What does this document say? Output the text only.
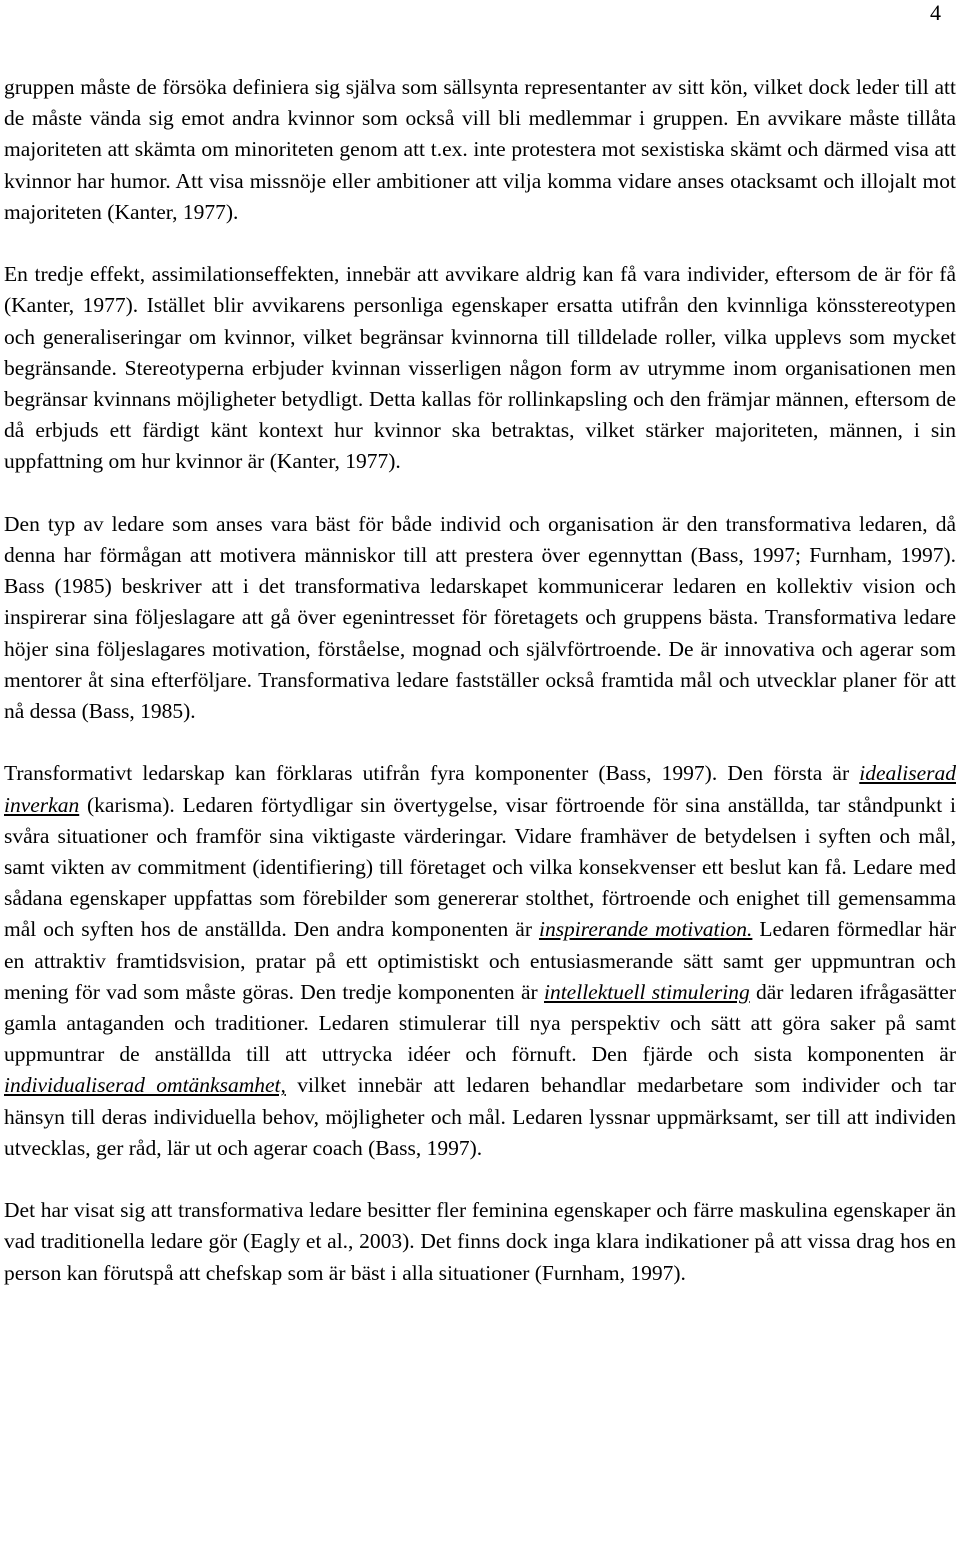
4

gruppen måste de försöka definiera sig själva som sällsynta representanter av sitt kön, vilket dock leder till att de måste vända sig emot andra kvinnor som också vill bli medlemmar i gruppen. En avvikare måste tillåta majoriteten att skämta om minoriteten genom att t.ex. inte protestera mot sexistiska skämt och därmed visa att kvinnor har humor. Att visa missnöje eller ambitioner att vilja komma vidare anses otacksamt och illojalt mot majoriteten (Kanter, 1977).

En tredje effekt, assimilationseffekten, innebär att avvikare aldrig kan få vara individer, eftersom de är för få (Kanter, 1977). Istället blir avvikarens personliga egenskaper ersatta utifrån den kvinnliga könsstereotypen och generaliseringar om kvinnor, vilket begränsar kvinnorna till tilldelade roller, vilka upplevs som mycket begränsande. Stereotyperna erbjuder kvinnan visserligen någon form av utrymme inom organisationen men begränsar kvinnans möjligheter betydligt. Detta kallas för rollinkapsling och den främjar männen, eftersom de då erbjuds ett färdigt känt kontext hur kvinnor ska betraktas, vilket stärker majoriteten, männen, i sin uppfattning om hur kvinnor är (Kanter, 1977).

Den typ av ledare som anses vara bäst för både individ och organisation är den transformativa ledaren, då denna har förmågan att motivera människor till att prestera över egennyttan (Bass, 1997; Furnham, 1997). Bass (1985) beskriver att i det transformativa ledarskapet kommunicerar ledaren en kollektiv vision och inspirerar sina följeslagare att gå över egenintresset för företagets och gruppens bästa. Transformativa ledare höjer sina följeslagares motivation, förståelse, mognad och självförtroende. De är innovativa och agerar som mentorer åt sina efterföljare. Transformativa ledare fastställer också framtida mål och utvecklar planer för att nå dessa (Bass, 1985).

Transformativt ledarskap kan förklaras utifrån fyra komponenter (Bass, 1997). Den första är idealiserad inverkan (karisma). Ledaren förtydligar sin övertygelse, visar förtroende för sina anställda, tar ståndpunkt i svåra situationer och framför sina viktigaste värderingar. Vidare framhäver de betydelsen i syften och mål, samt vikten av commitment (identifiering) till företaget och vilka konsekvenser ett beslut kan få. Ledare med sådana egenskaper uppfattas som förebilder som genererar stolthet, förtroende och enighet till gemensamma mål och syften hos de anställda. Den andra komponenten är inspirerande motivation. Ledaren förmedlar här en attraktiv framtidsvision, pratar på ett optimistiskt och entusiasmerande sätt samt ger uppmuntran och mening för vad som måste göras. Den tredje komponenten är intellektuell stimulering där ledaren ifrågasätter gamla antaganden och traditioner. Ledaren stimulerar till nya perspektiv och sätt att göra saker på samt uppmuntrar de anställda till att uttrycka idéer och förnuft. Den fjärde och sista komponenten är individualiserad omtänksamhet, vilket innebär att ledaren behandlar medarbetare som individer och tar hänsyn till deras individuella behov, möjligheter och mål. Ledaren lyssnar uppmärksamt, ser till att individen utvecklas, ger råd, lär ut och agerar coach (Bass, 1997).

Det har visat sig att transformativa ledare besitter fler feminina egenskaper och färre maskulina egenskaper än vad traditionella ledare gör (Eagly et al., 2003). Det finns dock inga klara indikationer på att vissa drag hos en person kan förutspå att chefskap som är bäst i alla situationer (Furnham, 1997).
